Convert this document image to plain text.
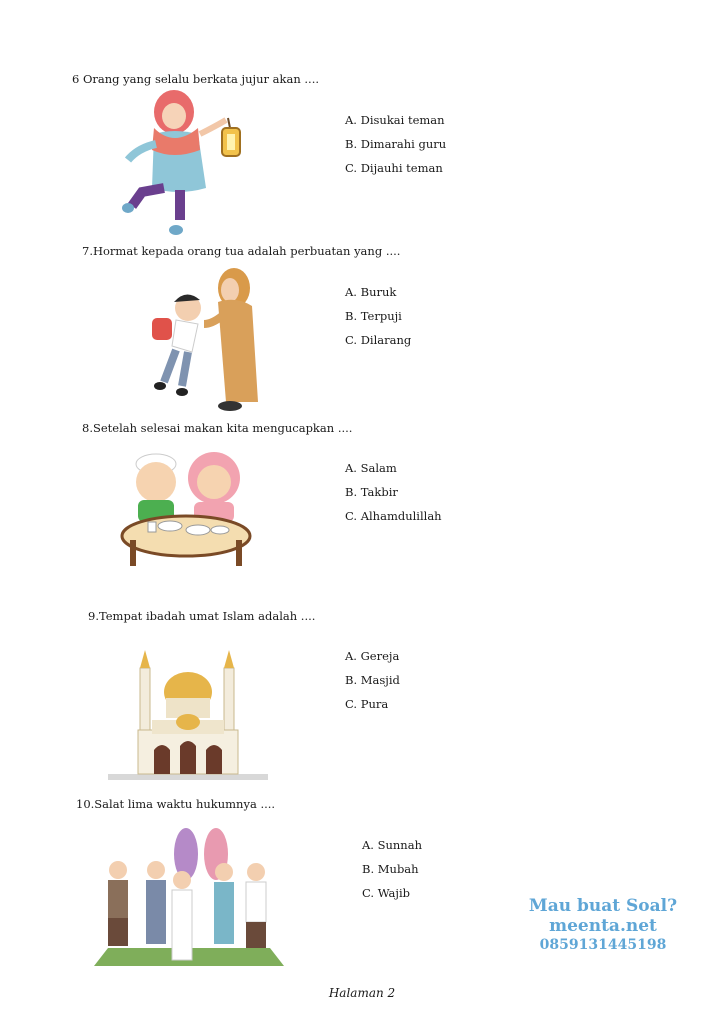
6 Orang yang selalu berkata jujur akan ....
A. Disukai teman
B. Dimarahi guru
C. Dijauhi teman
7.Hormat kepada orang tua adalah perbuatan yang ....
A. Buruk
B. Terpuji
C. Dilarang
8.Setelah selesai makan kita mengucapkan ....
A. Salam
B. Takbir
C. Alhamdulillah
9.Tempat ibadah umat Islam adalah ....
A. Gereja
B. Masjid
C. Pura
10.Salat lima waktu hukumnya ....
A. Sunnah
B. Mubah
C. Wajib
Mau buat Soal?
meenta.net
0859131445198
Halaman 2
